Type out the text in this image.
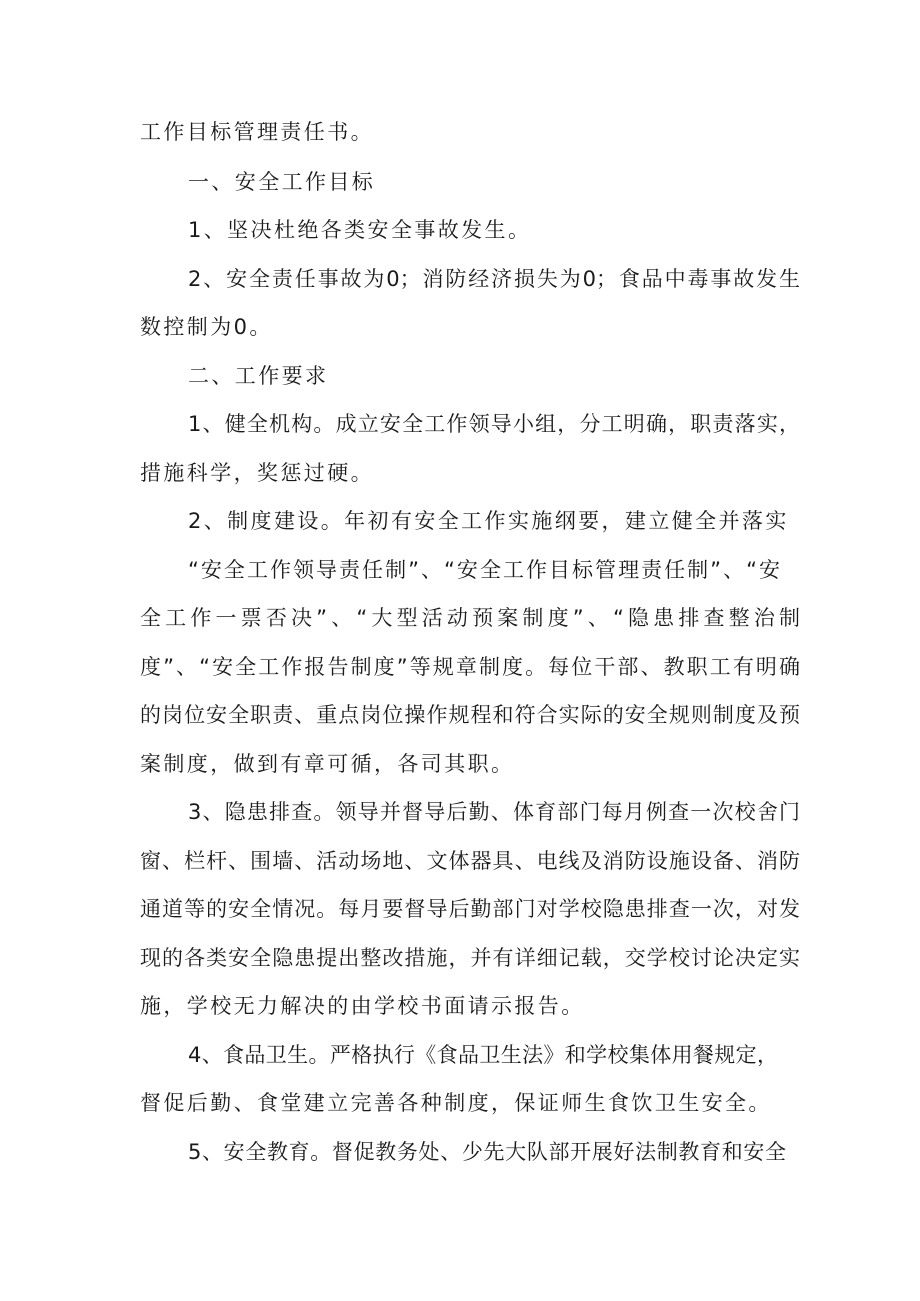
工作目标管理责任书。
一、安全工作目标
1、坚决杜绝各类安全事故发生。
2、安全责任事故为0；消防经济损失为0；食品中毒事故发生
数控制为0。
二、工作要求
1、健全机构。成立安全工作领导小组，分工明确，职责落实，
措施科学，奖惩过硬。
2、制度建设。年初有安全工作实施纲要，建立健全并落实
“安全工作领导责任制”、“安全工作目标管理责任制”、“安
全工作一票否决”、“大型活动预案制度”、“隐患排查整治制
度”、“安全工作报告制度”等规章制度。每位干部、教职工有明确
的岗位安全职责、重点岗位操作规程和符合实际的安全规则制度及预
案制度，做到有章可循，各司其职。
3、隐患排查。领导并督导后勤、体育部门每月例查一次校舍门
窗、栏杆、围墙、活动场地、文体器具、电线及消防设施设备、消防
通道等的安全情况。每月要督导后勤部门对学校隐患排查一次，对发
现的各类安全隐患提出整改措施，并有详细记载，交学校讨论决定实
施，学校无力解决的由学校书面请示报告。
4、食品卫生。严格执行《食品卫生法》和学校集体用餐规定，
督促后勤、食堂建立完善各种制度，保证师生食饮卫生安全。
5、安全教育。督促教务处、少先大队部开展好法制教育和安全
